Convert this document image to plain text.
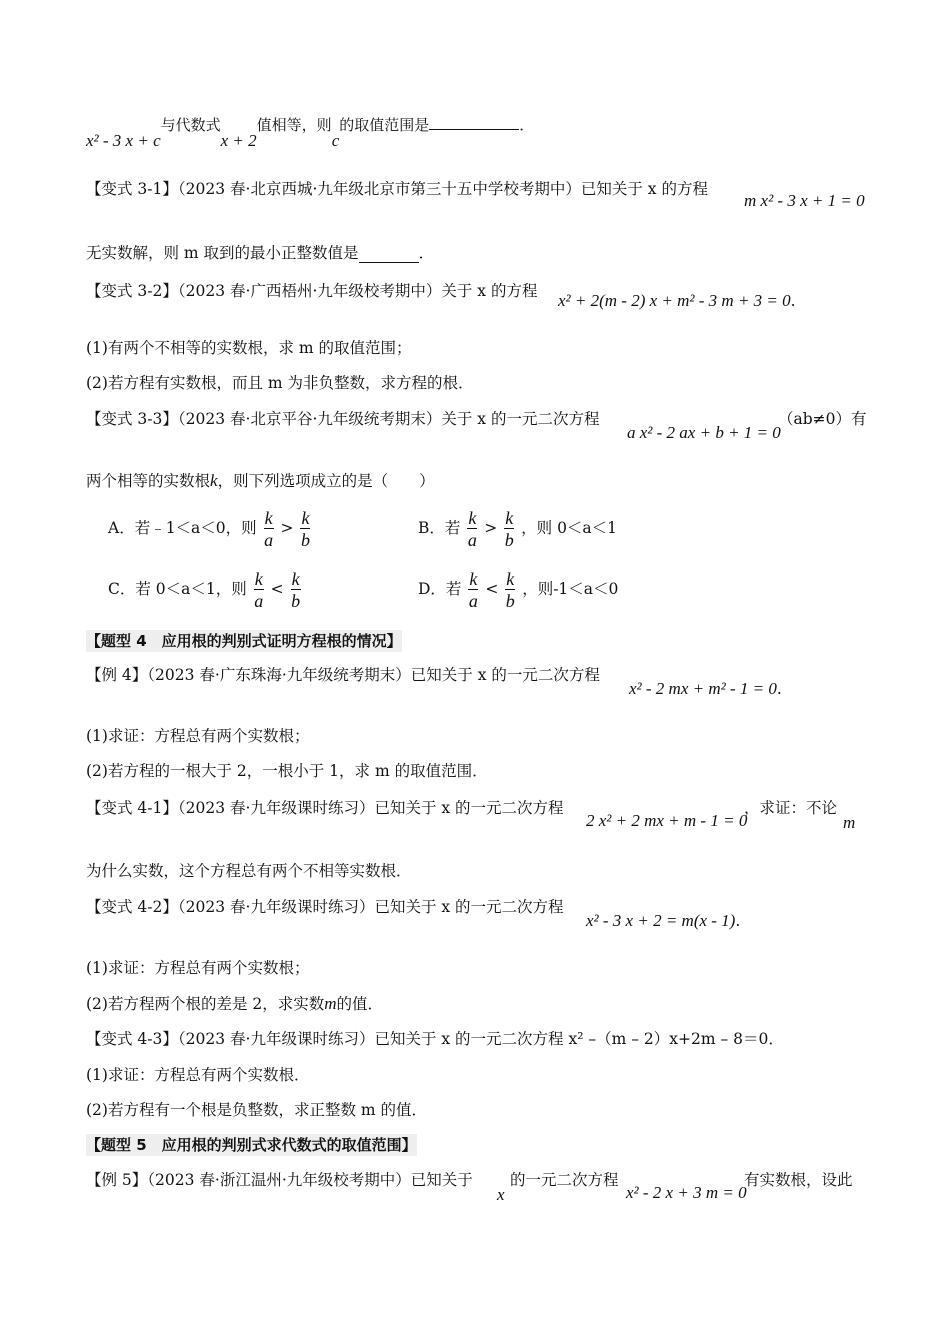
x² - 3 x + c与代数式x + 2值相等，则c的取值范围是	．
【变式 3-1】（2023 春·北京西城·九年级北京市第三十五中学校考期中）已知关于 x 的方程
m x² - 3 x + 1 = 0
无实数解，则 m 取到的最小正整数值是	．
【变式 3-2】（2023 春·广西梧州·九年级校考期中）关于 x 的方程 x² + 2(m - 2) x + m² - 3 m + 3 = 0.
(1)有两个不相等的实数根，求 m 的取值范围；
(2)若方程有实数根，而且 m 为非负整数，求方程的根．
【变式 3-3】（2023 春·北京平谷·九年级统考期末）关于 x 的一元二次方程
a x² - 2 ax + b + 1 = 0
（ab≠0）有
两个相等的实数根k，则下列选项成立的是（　　）
A．若﹣1＜a＜0，则 $\frac{k}{a} > \frac{k}{b}$	B．若 $\frac{k}{a} > \frac{k}{b}$ ，则 0＜a＜1
C．若 0＜a＜1，则 $\frac{k}{a} < \frac{k}{b}$	D．若 $\frac{k}{a} < \frac{k}{b}$ ，则-1＜a＜0
【题型 4　应用根的判别式证明方程根的情况】
【例 4】（2023 春·广东珠海·九年级统考期末）已知关于 x 的一元二次方程
x² - 2 mx + m² - 1 = 0.
(1)求证：方程总有两个实数根；
(2)若方程的一根大于 2，一根小于 1，求 m 的取值范围．
【变式 4-1】（2023 春·九年级课时练习）已知关于 x 的一元二次方程
2 x² + 2 mx + m - 1 = 0
，求证：不论
m
为什么实数，这个方程总有两个不相等实数根．
【变式 4-2】（2023 春·九年级课时练习）已知关于 x 的一元二次方程
x² - 3 x + 2 = m(x - 1).
(1)求证：方程总有两个实数根；
(2)若方程两个根的差是 2，求实数m的值．
【变式 4-3】（2023 春·九年级课时练习）已知关于 x 的一元二次方程 x² –（m – 2）x+2m – 8＝0．
(1)求证：方程总有两个实数根．
(2)若方程有一个根是负整数，求正整数 m 的值．
【题型 5　应用根的判别式求代数式的取值范围】
【例 5】（2023 春·浙江温州·九年级校考期中）已知关于
x
的一元二次方程
x² - 2 x + 3 m = 0
有实数根，设此
